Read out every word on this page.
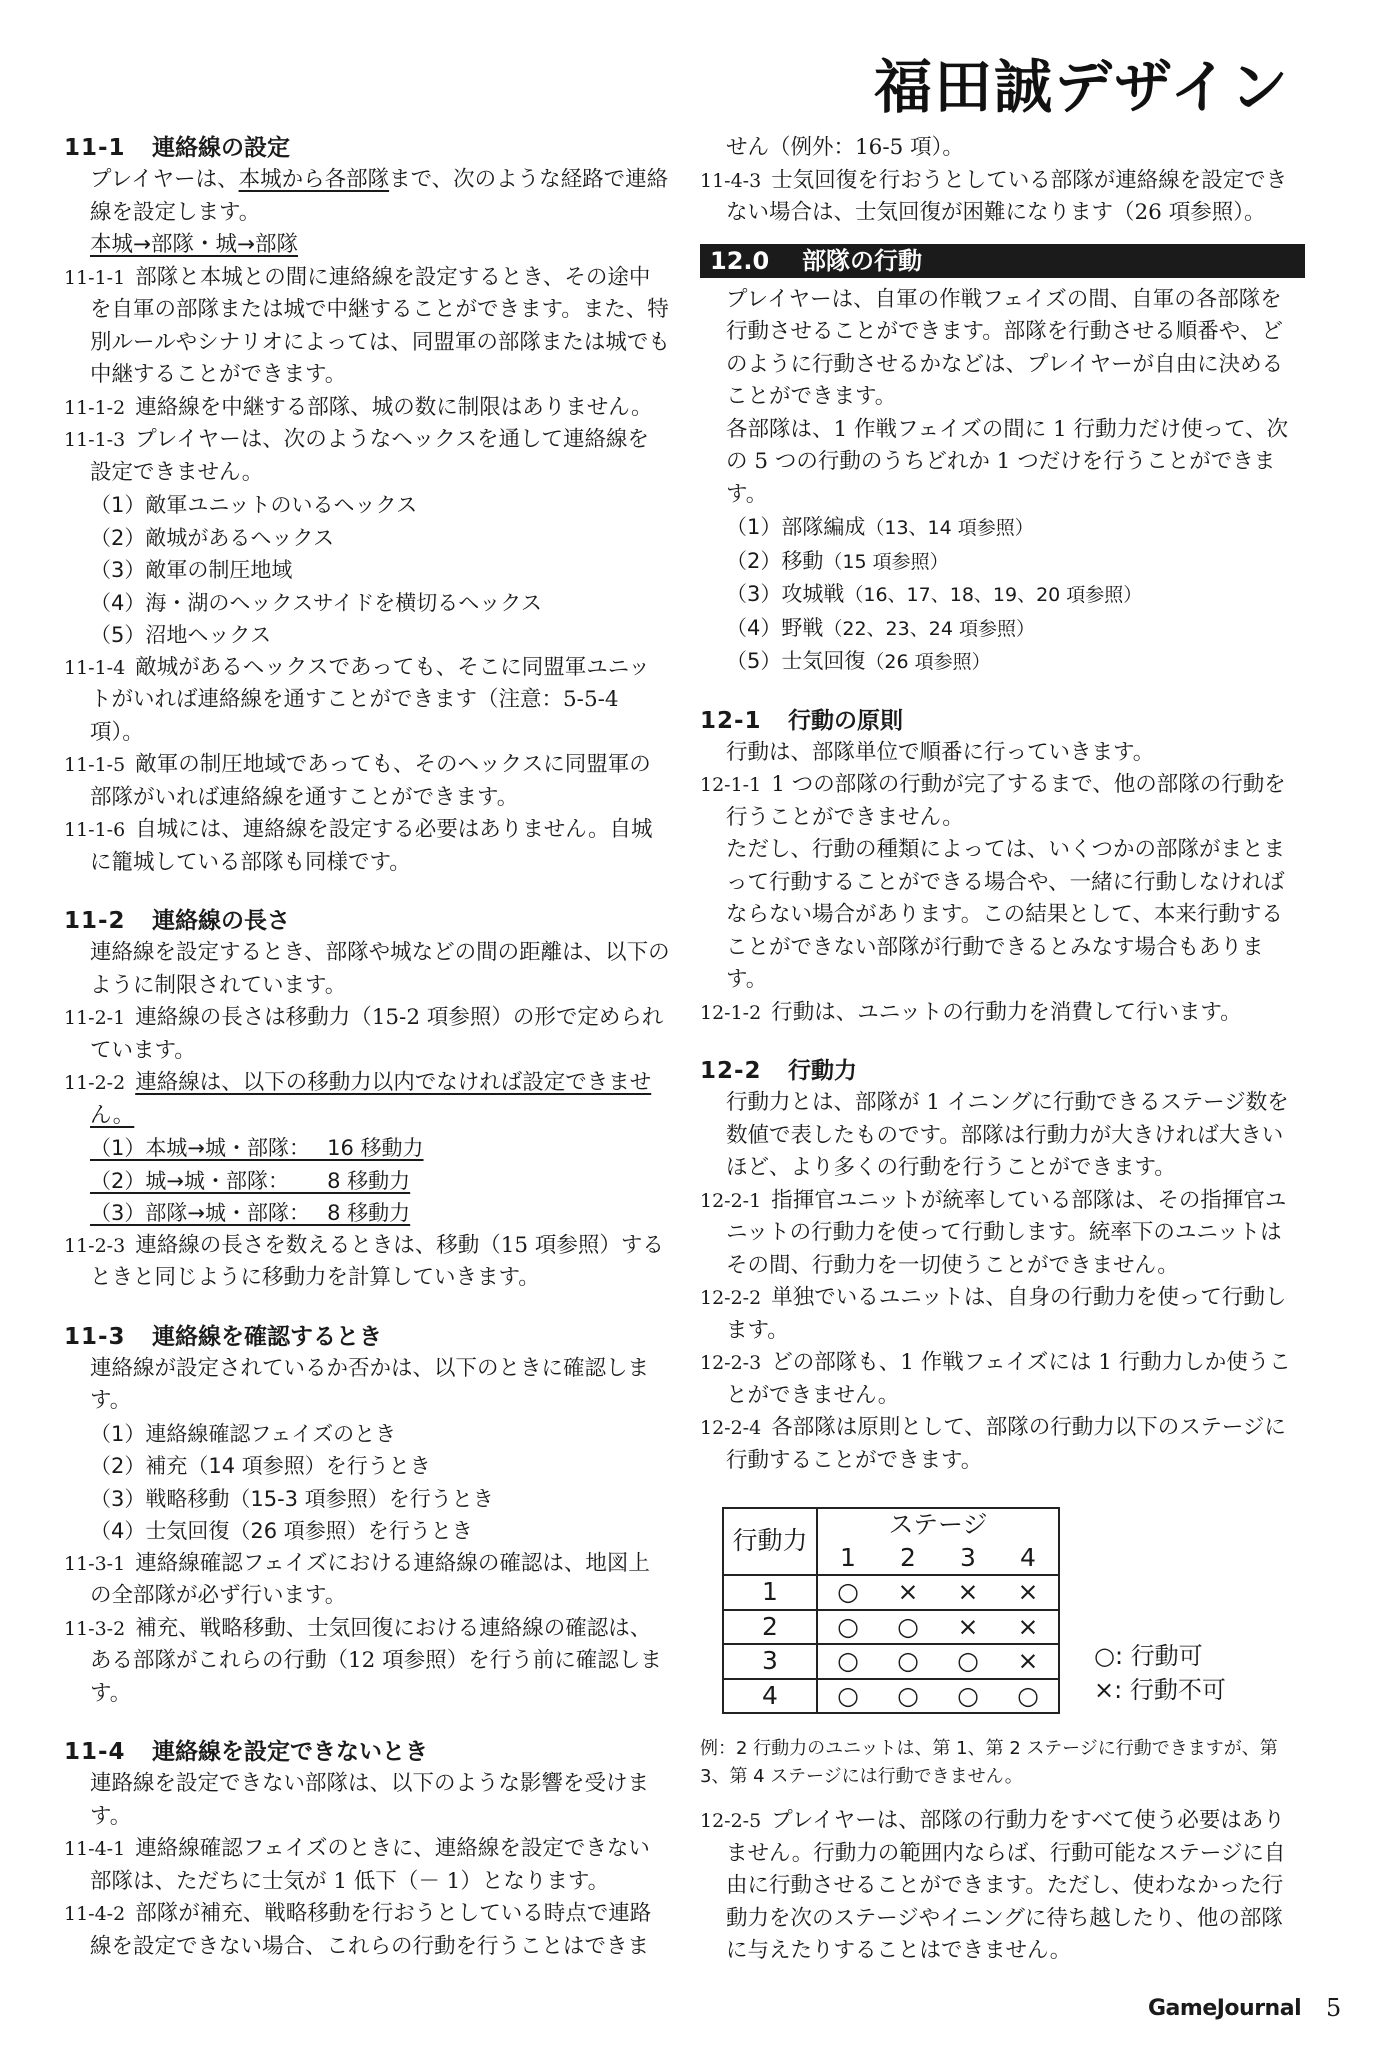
福田誠デザイン
11-1 連絡線の設定
プレイヤーは、本城から各部隊まで、次のような経路で連絡線を設定します。
本城→部隊・城→部隊
11-1-1 部隊と本城との間に連絡線を設定するとき、その途中を自軍の部隊または城で中継することができます。また、特別ルールやシナリオによっては、同盟軍の部隊または城でも中継することができます。
11-1-2 連絡線を中継する部隊、城の数に制限はありません。
11-1-3 プレイヤーは、次のようなヘックスを通して連絡線を設定できません。
（1）敵軍ユニットのいるヘックス
（2）敵城があるヘックス
（3）敵軍の制圧地域
（4）海・湖のヘックスサイドを横切るヘックス
（5）沼地ヘックス
11-1-4 敵城があるヘックスであっても、そこに同盟軍ユニットがいれば連絡線を通すことができます（注意：5-5-4 項）。
11-1-5 敵軍の制圧地域であっても、そのヘックスに同盟軍の部隊がいれば連絡線を通すことができます。
11-1-6 自城には、連絡線を設定する必要はありません。自城に籠城している部隊も同様です。
11-2 連絡線の長さ
連絡線を設定するとき、部隊や城などの間の距離は、以下のように制限されています。
11-2-1 連絡線の長さは移動力（15-2 項参照）の形で定められています。
11-2-2 連絡線は、以下の移動力以内でなければ設定できません。
（1）本城→城・部隊：　 16 移動力
（2）城→城・部隊：　　 8 移動力
（3）部隊→城・部隊：　 8 移動力
11-2-3 連絡線の長さを数えるときは、移動（15 項参照）するときと同じように移動力を計算していきます。
11-3 連絡線を確認するとき
連絡線が設定されているか否かは、以下のときに確認します。
（1）連絡線確認フェイズのとき
（2）補充（14 項参照）を行うとき
（3）戦略移動（15-3 項参照）を行うとき
（4）士気回復（26 項参照）を行うとき
11-3-1 連絡線確認フェイズにおける連絡線の確認は、地図上の全部隊が必ず行います。
11-3-2 補充、戦略移動、士気回復における連絡線の確認は、ある部隊がこれらの行動（12 項参照）を行う前に確認します。
11-4 連絡線を設定できないとき
連路線を設定できない部隊は、以下のような影響を受けます。
11-4-1 連絡線確認フェイズのときに、連絡線を設定できない部隊は、ただちに士気が 1 低下（－ 1）となります。
11-4-2 部隊が補充、戦略移動を行おうとしている時点で連路線を設定できない場合、これらの行動を行うことはできま
せん（例外：16-5 項）。
11-4-3 士気回復を行おうとしている部隊が連絡線を設定できない場合は、士気回復が困難になります（26 項参照）。
12.0 部隊の行動
プレイヤーは、自軍の作戦フェイズの間、自軍の各部隊を行動させることができます。部隊を行動させる順番や、どのように行動させるかなどは、プレイヤーが自由に決めることができます。
各部隊は、1 作戦フェイズの間に 1 行動力だけ使って、次の 5 つの行動のうちどれか 1 つだけを行うことができます。
（1）部隊編成（13、14 項参照）
（2）移動（15 項参照）
（3）攻城戦（16、17、18、19、20 項参照）
（4）野戦（22、23、24 項参照）
（5）士気回復（26 項参照）
12-1 行動の原則
行動は、部隊単位で順番に行っていきます。
12-1-1 1 つの部隊の行動が完了するまで、他の部隊の行動を行うことができません。
ただし、行動の種類によっては、いくつかの部隊がまとまって行動することができる場合や、一緒に行動しなければならない場合があります。この結果として、本来行動することができない部隊が行動できるとみなす場合もあります。
12-1-2 行動は、ユニットの行動力を消費して行います。
12-2 行動力
行動力とは、部隊が 1 イニングに行動できるステージ数を数値で表したものです。部隊は行動力が大きければ大きいほど、より多くの行動を行うことができます。
12-2-1 指揮官ユニットが統率している部隊は、その指揮官ユニットの行動力を使って行動します。統率下のユニットはその間、行動力を一切使うことができません。
12-2-2 単独でいるユニットは、自身の行動力を使って行動します。
12-2-3 どの部隊も、1 作戦フェイズには 1 行動力しか使うことができません。
12-2-4 各部隊は原則として、部隊の行動力以下のステージに行動することができます。
行動力	ステージ			
	1	2	3	4
1	○	×	×	×
2	○	○	×	×
3	○	○	○	×
4	○	○	○	○
○: 行動可
×: 行動不可
例：2 行動力のユニットは、第 1、第 2 ステージに行動できますが、第 3、第 4 ステージには行動できません。
12-2-5 プレイヤーは、部隊の行動力をすべて使う必要はありません。行動力の範囲内ならば、行動可能なステージに自由に行動させることができます。ただし、使わなかった行動力を次のステージやイニングに待ち越したり、他の部隊に与えたりすることはできません。
GameJournal 5
